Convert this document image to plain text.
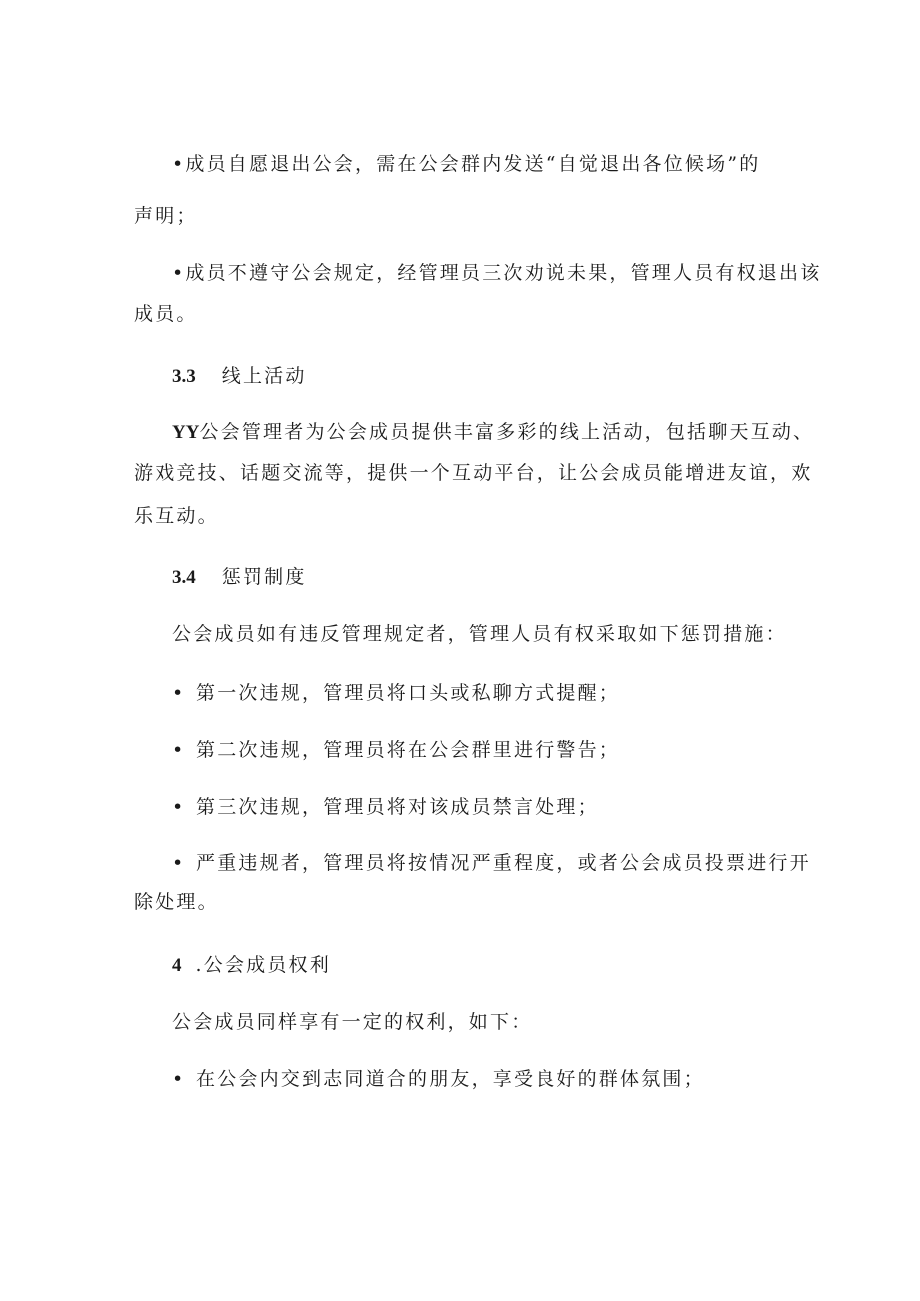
•成员自愿退出公会，需在公会群内发送“自觉退出各位候场”的
声明；
•成员不遵守公会规定，经管理员三次劝说未果，管理人员有权退出该
成员。
3.3 线上活动
YY公会管理者为公会成员提供丰富多彩的线上活动，包括聊天互动、
游戏竞技、话题交流等，提供一个互动平台，让公会成员能增进友谊，欢
乐互动。
3.4 惩罚制度
公会成员如有违反管理规定者，管理人员有权采取如下惩罚措施：
• 第一次违规，管理员将口头或私聊方式提醒；
• 第二次违规，管理员将在公会群里进行警告；
• 第三次违规，管理员将对该成员禁言处理；
• 严重违规者，管理员将按情况严重程度，或者公会成员投票进行开
除处理。
4 .公会成员权利
公会成员同样享有一定的权利，如下：
• 在公会内交到志同道合的朋友，享受良好的群体氛围；
